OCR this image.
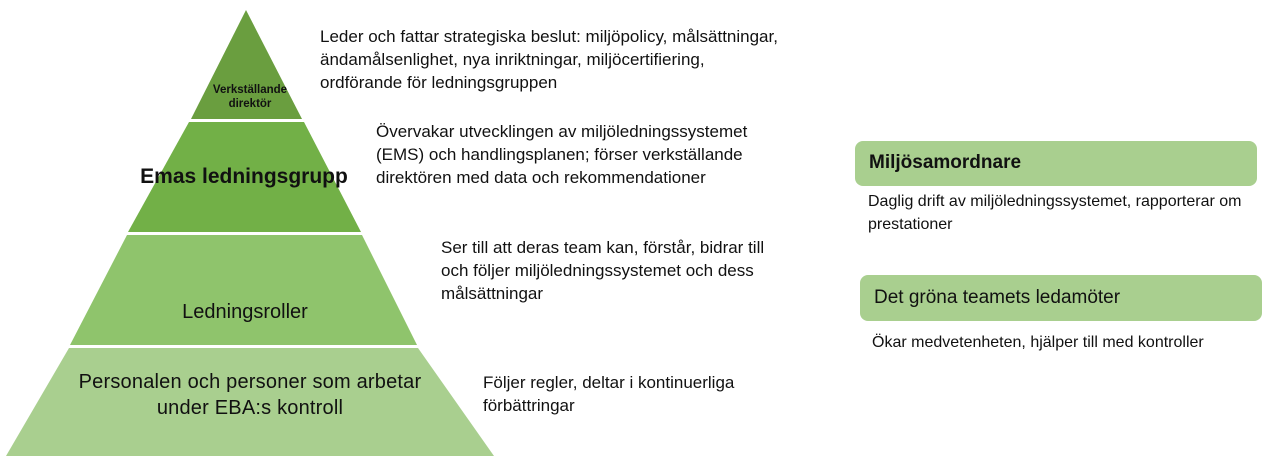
Verkställande direktör
Emas ledningsgrupp
Ledningsroller
Personalen och personer som arbetar under EBA:s kontroll
Leder och fattar strategiska beslut: miljöpolicy, målsättningar, ändamålsenlighet, nya inriktningar, miljöcertifiering, ordförande för ledningsgruppen
Övervakar utvecklingen av miljöledningssystemet (EMS) och handlingsplanen; förser verkställande direktören med data och rekommendationer
Ser till att deras team kan, förstår, bidrar till och följer miljöledningssystemet och dess målsättningar
Följer regler, deltar i kontinuerliga förbättringar
Miljösamordnare
Daglig drift av miljöledningssystemet, rapporterar om prestationer
Det gröna teamets ledamöter
Ökar medvetenheten, hjälper till med kontroller
